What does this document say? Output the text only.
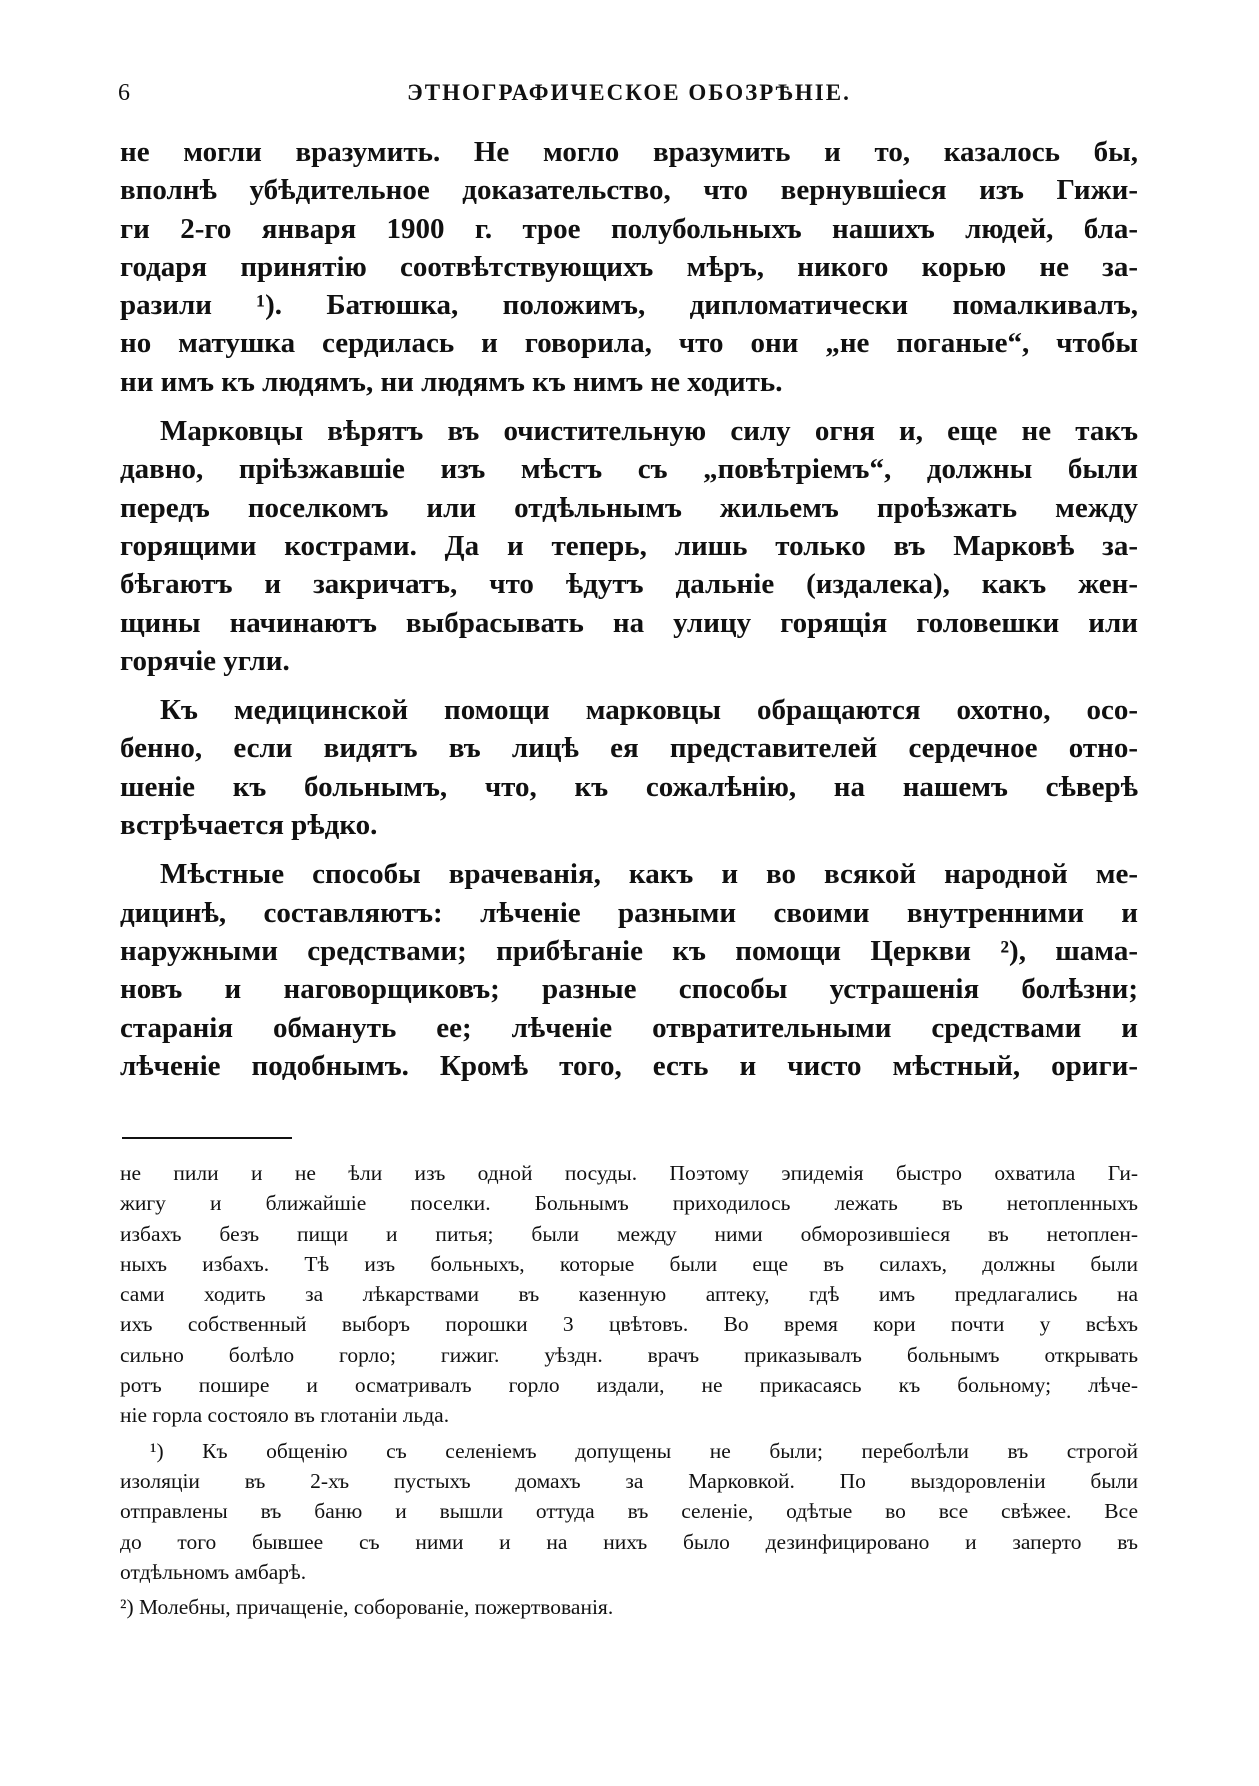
6	ЭТНОГРАФИЧЕСКОЕ ОБОЗРѢНІЕ.
не могли вразумить. Не могло вразумить и то, казалось бы,
вполнѣ убѣдительное доказательство, что вернувшіеся изъ Гижи-
ги 2-го января 1900 г. трое полубольныхъ нашихъ людей, бла-
годаря принятію соотвѣтствующихъ мѣръ, никого корью не за-
разили ¹). Батюшка, положимъ, дипломатически помалкивалъ,
но матушка сердилась и говорила, что они „не поганые“, чтобы
ни имъ къ людямъ, ни людямъ къ нимъ не ходить.
Марковцы вѣрятъ въ очистительную силу огня и, еще не такъ
давно, пріѣзжавшіе изъ мѣстъ съ „повѣтріемъ“, должны были
передъ поселкомъ или отдѣльнымъ жильемъ проѣзжать между
горящими кострами. Да и теперь, лишь только въ Марковѣ за-
бѣгаютъ и закричатъ, что ѣдутъ дальніе (издалека), какъ жен-
щины начинаютъ выбрасывать на улицу горящія головешки или
горячіе угли.
Къ медицинской помощи марковцы обращаются охотно, осо-
бенно, если видятъ въ лицѣ ея представителей сердечное отно-
шеніе къ больнымъ, что, къ сожалѣнію, на нашемъ сѣверѣ
встрѣчается рѣдко.
Мѣстные способы врачеванія, какъ и во всякой народной ме-
дицинѣ, составляютъ: лѣченіе разными своими внутренними и
наружными средствами; прибѣганіе къ помощи Церкви ²), шама-
новъ и наговорщиковъ; разные способы устрашенія болѣзни;
старанія обмануть ее; лѣченіе отвратительными средствами и
лѣченіе подобнымъ. Кромѣ того, есть и чисто мѣстный, ориги-
не пили и не ѣли изъ одной посуды. Поэтому эпидемія быстро охватила Ги-
жигу и ближайшіе поселки. Больнымъ приходилось лежать въ нетопленныхъ
избахъ безъ пищи и питья; были между ними обморозившіеся въ нетоплен-
ныхъ избахъ. Тѣ изъ больныхъ, которые были еще въ силахъ, должны были
сами ходить за лѣкарствами въ казенную аптеку, гдѣ имъ предлагались на
ихъ собственный выборъ порошки 3 цвѣтовъ. Во время кори почти у всѣхъ
сильно болѣло горло; гижиг. уѣздн. врачъ приказывалъ больнымъ открывать
ротъ пошире и осматривалъ горло издали, не прикасаясь къ больному; лѣче-
ніе горла состояло въ глотаніи льда.
¹) Къ общенію съ селеніемъ допущены не были; переболѣли въ строгой
изоляціи въ 2-хъ пустыхъ домахъ за Марковкой. По выздоровленіи были
отправлены въ баню и вышли оттуда въ селеніе, одѣтые во все свѣжее. Все
до того бывшее съ ними и на нихъ было дезинфицировано и заперто въ
отдѣльномъ амбарѣ.
²) Молебны, причащеніе, соборованіе, пожертвованія.
